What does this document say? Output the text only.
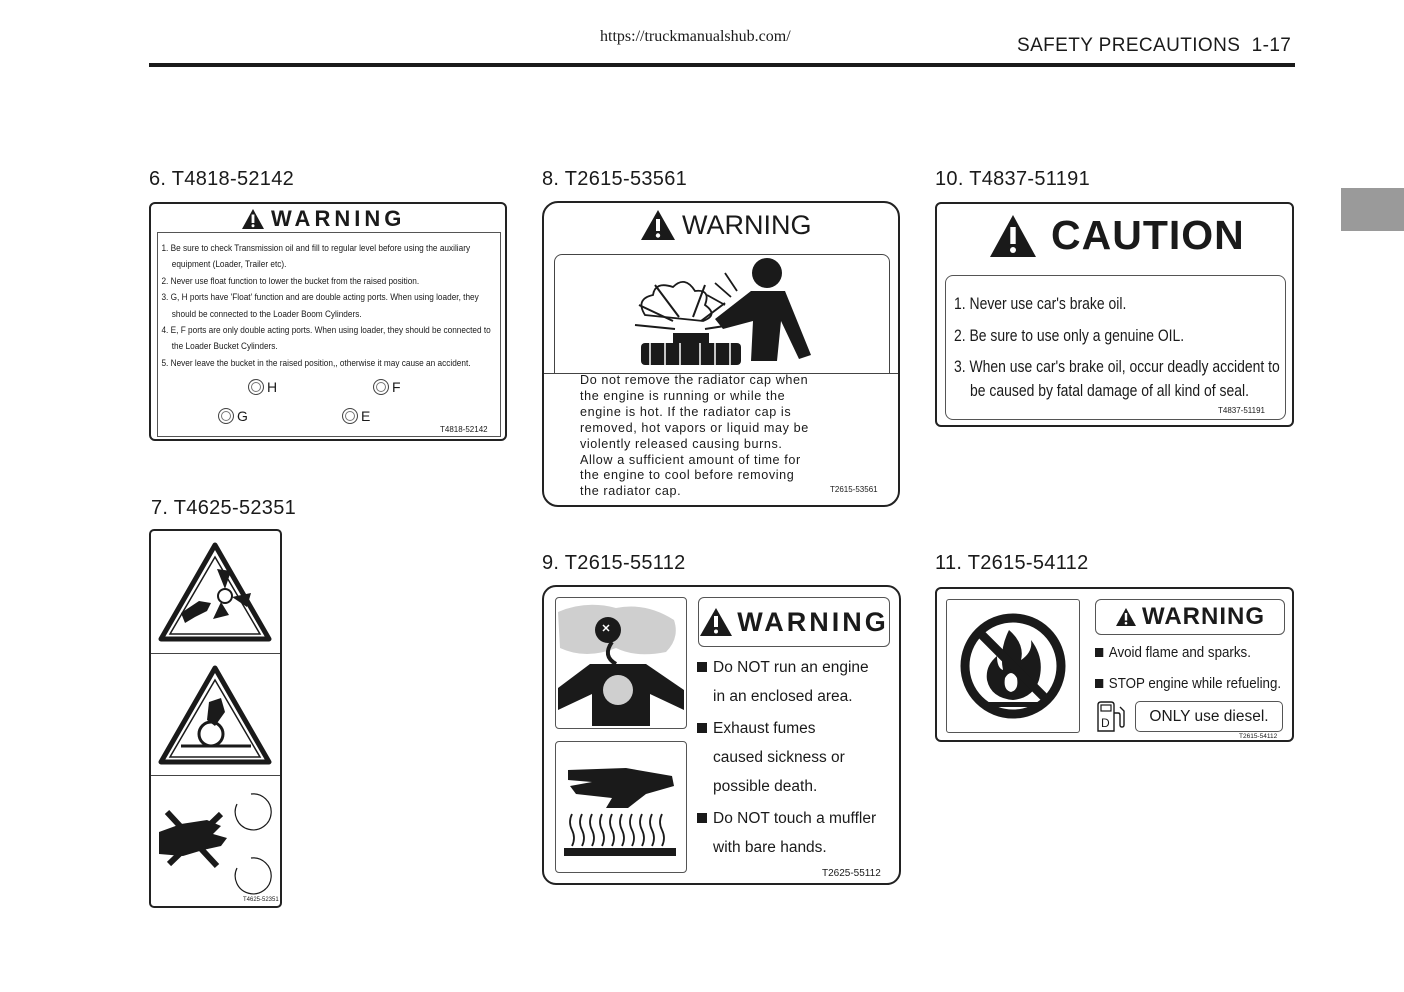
https://truckmanualshub.com/	SAFETY PRECAUTIONS 1-17
6. T4818-52142
WARNING
1. Be sure to check Transmission oil and fill to regular level before using the auxiliary equipment (Loader, Trailer etc).
2. Never use float function to lower the bucket from the raised position.
3. G, H ports have 'Float' function and are double acting ports. When using loader, they should be connected to the Loader Boom Cylinders.
4. E, F ports are only double acting ports. When using loader, they should be connected to the Loader Bucket Cylinders.
5. Never leave the bucket in the raised position,, otherwise it may cause an accident.
H	F
G	E
T4818-52142
7. T4625-52351
T4625-52351
8. T2615-53561
WARNING
Do not remove the radiator cap when
the engine is running or while the
engine is hot. If the radiator cap is
removed, hot vapors or liquid may be
violently released causing burns.
Allow a sufficient amount of time for
the engine to cool before removing
the radiator cap.	T2615-53561
9. T2615-55112
WARNING
Do NOT run an engine
in an enclosed area.
Exhaust fumes
caused sickness or
possible death.
Do NOT touch a muffler
with bare hands.
T2625-55112
10. T4837-51191
CAUTION
1. Never use car's brake oil.
2. Be sure to use only a genuine OIL.
3. When use car's brake oil, occur deadly accident to
be caused by fatal damage of all kind of seal.
T4837-51191
11. T2615-54112
WARNING
Avoid flame and sparks.
STOP engine while refueling.
D	ONLY use diesel.
T2615-54112
